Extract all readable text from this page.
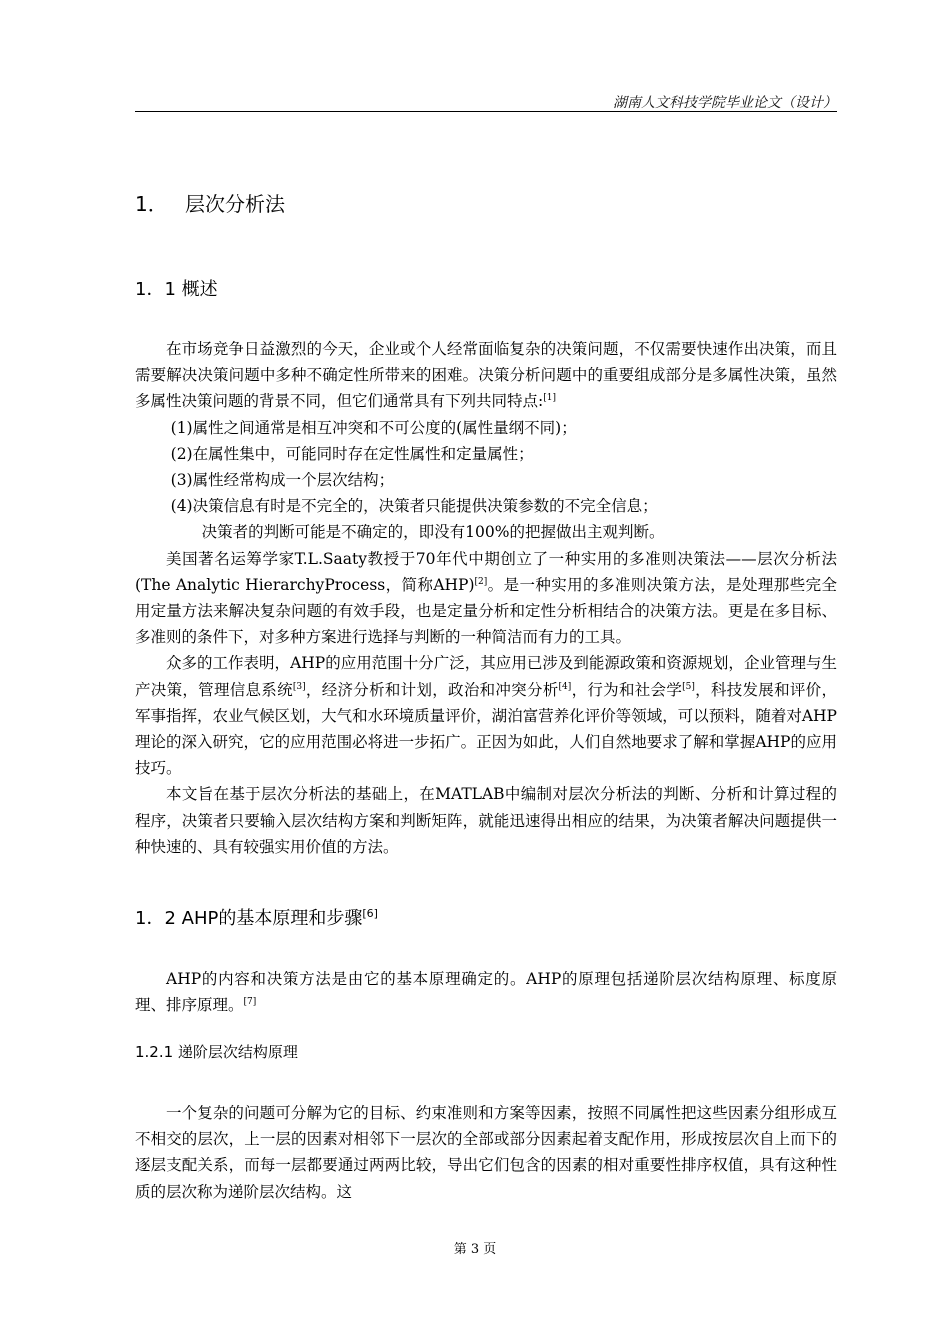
湖南人文科技学院毕业论文（设计）
1． 层次分析法
1．1 概述

在市场竞争日益激烈的今天，企业或个人经常面临复杂的决策问题，不仅需要快速作出决策，而且需要解决决策问题中多种不确定性所带来的困难。决策分析问题中的重要组成部分是多属性决策，虽然多属性决策问题的背景不同，但它们通常具有下列共同特点:[1]

(1)属性之间通常是相互冲突和不可公度的(属性量纲不同)；

(2)在属性集中，可能同时存在定性属性和定量属性；

(3)属性经常构成一个层次结构；

(4)决策信息有时是不完全的，决策者只能提供决策参数的不完全信息；

决策者的判断可能是不确定的，即没有100%的把握做出主观判断。

美国著名运筹学家T.L.Saaty教授于70年代中期创立了一种实用的多准则决策法——层次分析法(The Analytic HierarchyProcess，简称AHP)[2]。是一种实用的多准则决策方法，是处理那些完全用定量方法来解决复杂问题的有效手段，也是定量分析和定性分析相结合的决策方法。更是在多目标、多准则的条件下，对多种方案进行选择与判断的一种简洁而有力的工具。

众多的工作表明，AHP的应用范围十分广泛，其应用已涉及到能源政策和资源规划，企业管理与生产决策，管理信息系统[3]，经济分析和计划，政治和冲突分析[4]，行为和社会学[5]，科技发展和评价，军事指挥，农业气候区划，大气和水环境质量评价，湖泊富营养化评价等领域，可以预料，随着对AHP理论的深入研究，它的应用范围必将进一步拓广。正因为如此，人们自然地要求了解和掌握AHP的应用技巧。

本文旨在基于层次分析法的基础上，在MATLAB中编制对层次分析法的判断、分析和计算过程的程序，决策者只要输入层次结构方案和判断矩阵，就能迅速得出相应的结果，为决策者解决问题提供一种快速的、具有较强实用价值的方法。

1．2 AHP的基本原理和步骤[6]

AHP的内容和决策方法是由它的基本原理确定的。AHP的原理包括递阶层次结构原理、标度原理、排序原理。[7]

1.2.1 递阶层次结构原理

一个复杂的问题可分解为它的目标、约束准则和方案等因素，按照不同属性把这些因素分组形成互不相交的层次，上一层的因素对相邻下一层次的全部或部分因素起着支配作用，形成按层次自上而下的逐层支配关系，而每一层都要通过两两比较，导出它们包含的因素的相对重要性排序权值，具有这种性质的层次称为递阶层次结构。这

第 3 页
